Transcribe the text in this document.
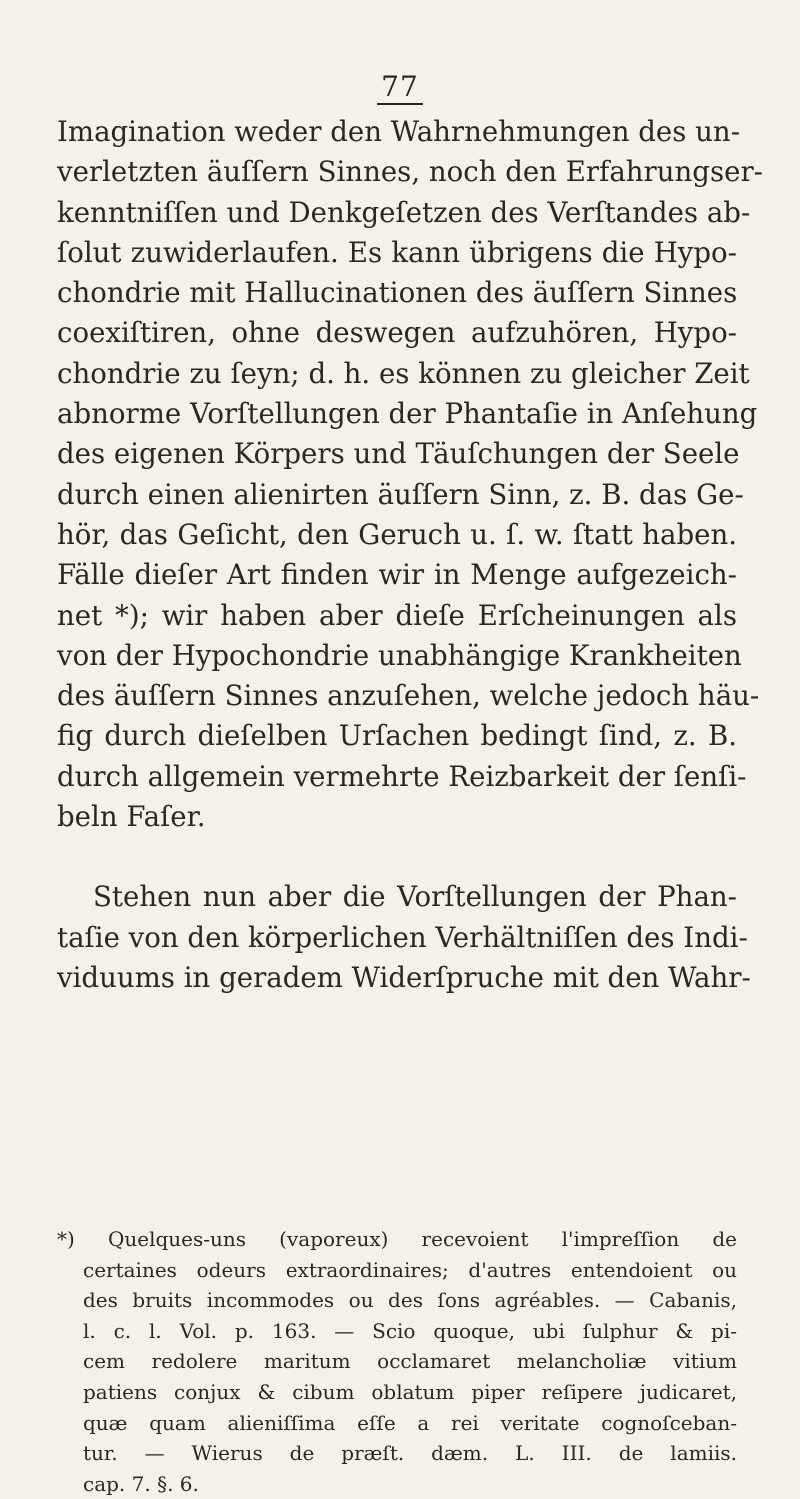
77
Imagination weder den Wahrnehmungen des un-
verletzten äuſſern Sinnes, noch den Erfahrungser-
kenntniſſen und Denkgeſetzen des Verſtandes ab-
ſolut zuwiderlaufen. Es kann übrigens die Hypo-
chondrie mit Hallucinationen des äuſſern Sinnes
coexiſtiren, ohne deswegen aufzuhören, Hypo-
chondrie zu ſeyn; d. h. es können zu gleicher Zeit
abnorme Vorſtellungen der Phantaſie in Anſehung
des eigenen Körpers und Täuſchungen der Seele
durch einen alienirten äuſſern Sinn, z. B. das Ge-
hör, das Geſicht, den Geruch u. ſ. w. ſtatt haben.
Fälle dieſer Art finden wir in Menge aufgezeich-
net *); wir haben aber dieſe Erſcheinungen als
von der Hypochondrie unabhängige Krankheiten
des äuſſern Sinnes anzuſehen, welche jedoch häu-
fig durch dieſelben Urſachen bedingt ſind, z. B.
durch allgemein vermehrte Reizbarkeit der ſenſi-
beln Faſer.
Stehen nun aber die Vorſtellungen der Phan-
taſie von den körperlichen Verhältniſſen des Indi-
viduums in geradem Widerſpruche mit den Wahr-
*) Quelques-uns (vaporeux) recevoient l'impreſſion de
certaines odeurs extraordinaires; d'autres entendoient ou
des bruits incommodes ou des ſons agréables. — Cabanis,
l. c. l. Vol. p. 163. — Scio quoque, ubi ſulphur & pi-
cem redolere maritum occlamaret melancholiæ vitium
patiens conjux & cibum oblatum piper reſipere judicaret,
quæ quam alieniſſima eſſe a rei veritate cognoſceban-
tur. — Wierus de præſt. dæm. L. III. de lamiis.
cap. 7. §. 6.
